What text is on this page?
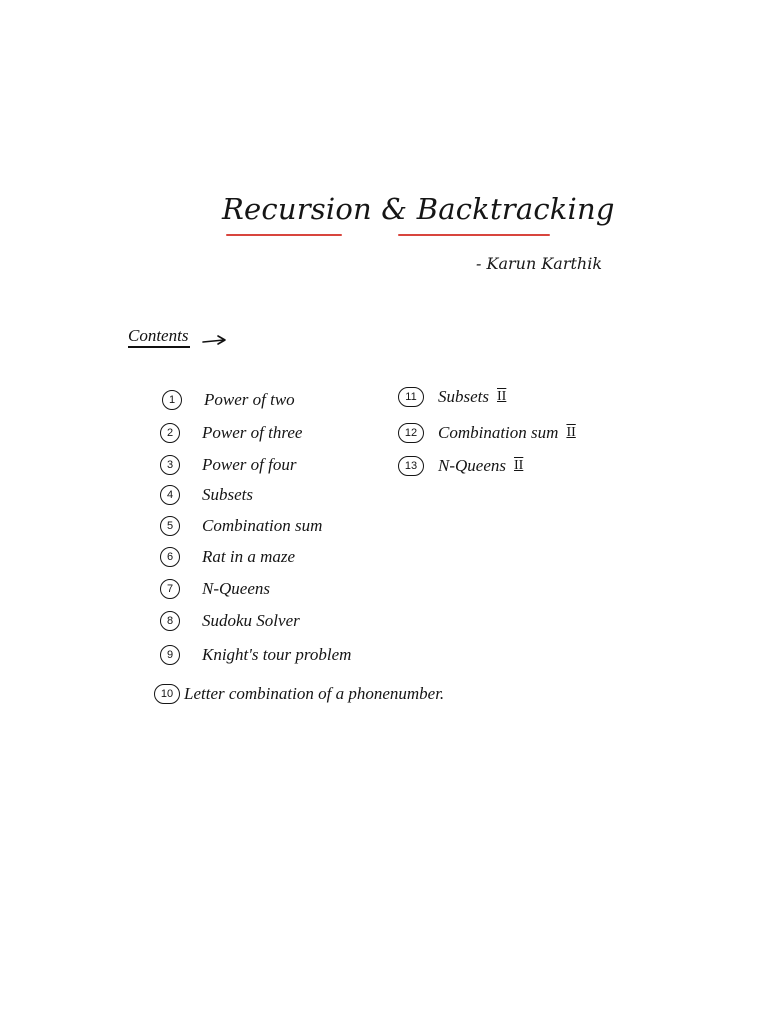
Recursion & Backtracking
- Karun Karthik
Contents
1	Power of two
2	Power of three
3	Power of four
4	Subsets
5	Combination sum
6	Rat in a maze
7	N-Queens
8	Sudoku Solver
9	Knight's tour problem
10 Letter combination of a phonenumber.
11	Subsets II
12	Combination sum II
13	N-Queens II
